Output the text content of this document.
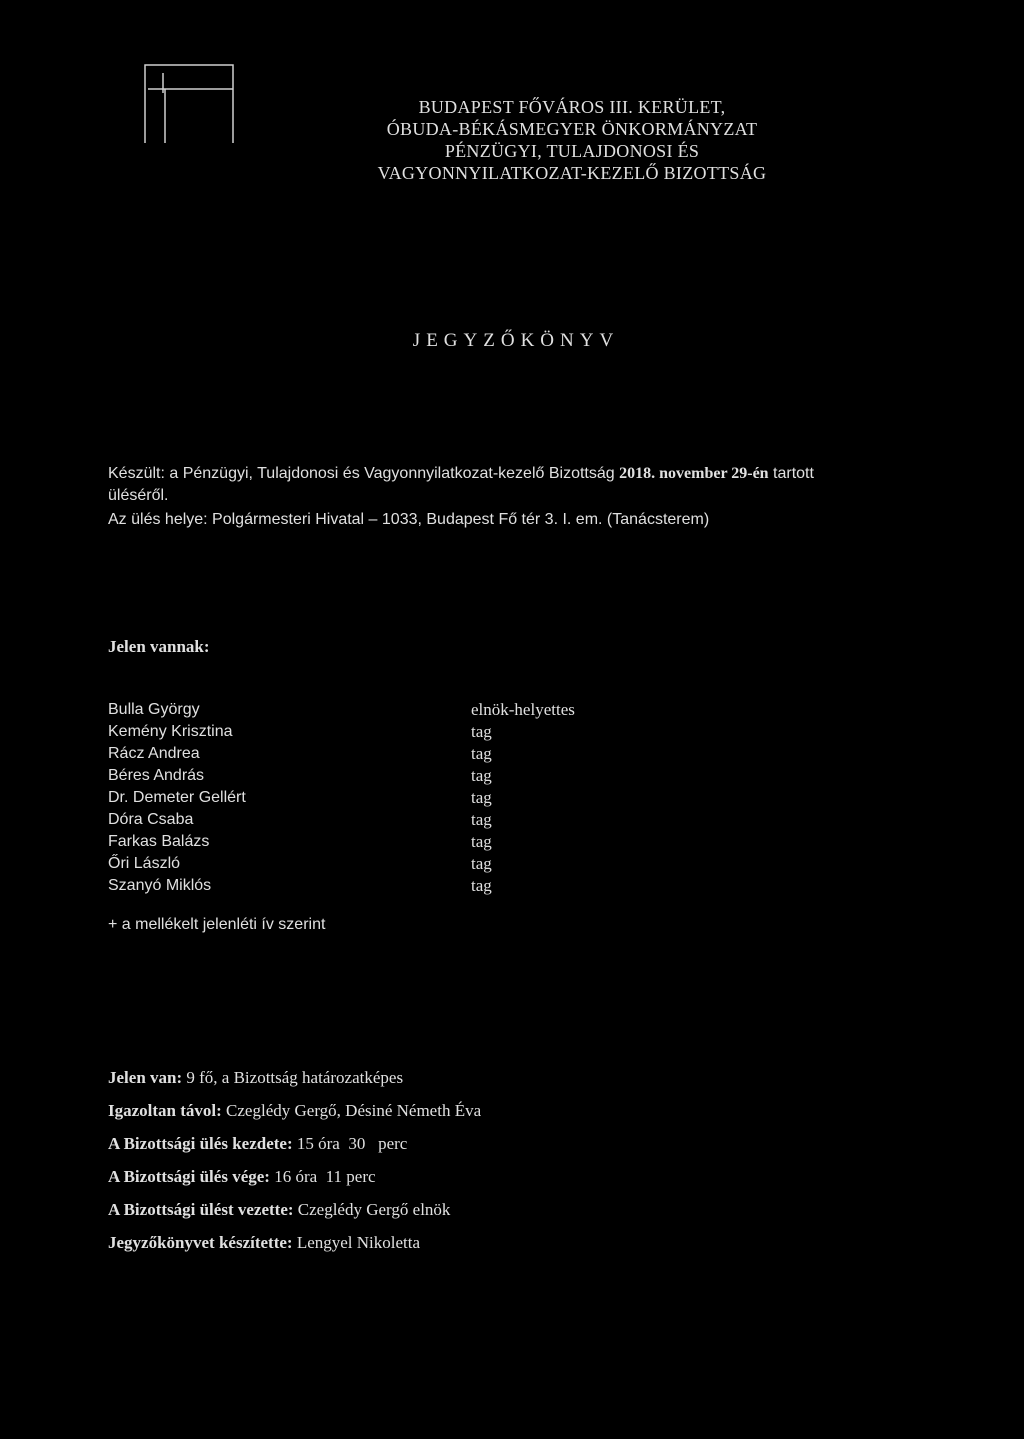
BUDAPEST FŐVÁROS III. KERÜLET,
ÓBUDA-BÉKÁSMEGYER ÖNKORMÁNYZAT
PÉNZÜGYI, TULAJDONOSI ÉS
VAGYONNYILATKOZAT-KEZELŐ BIZOTTSÁG
JEGYZŐKÖNYV
Készült: a Pénzügyi, Tulajdonosi és Vagyonnyilatkozat-kezelő Bizottság 2018. november 29-én tartott
üléséről.
Az ülés helye: Polgármesteri Hivatal – 1033, Budapest Fő tér 3. I. em. (Tanácsterem)
Jelen vannak:
Bulla György	elnök-helyettes
Kemény Krisztina	tag
Rácz Andrea	tag
Béres András	tag
Dr. Demeter Gellért	tag
Dóra Csaba	tag
Farkas Balázs	tag
Őri László	tag
Szanyó Miklós	tag
+ a mellékelt jelenléti ív szerint
Jelen van: 9 fő, a Bizottság határozatképes
Igazoltan távol: Czeglédy Gergő, Désiné Németh Éva
A Bizottsági ülés kezdete: 15 óra  30   perc
A Bizottsági ülés vége: 16 óra  11 perc
A Bizottsági ülést vezette: Czeglédy Gergő elnök
Jegyzőkönyvet készítette: Lengyel Nikoletta
